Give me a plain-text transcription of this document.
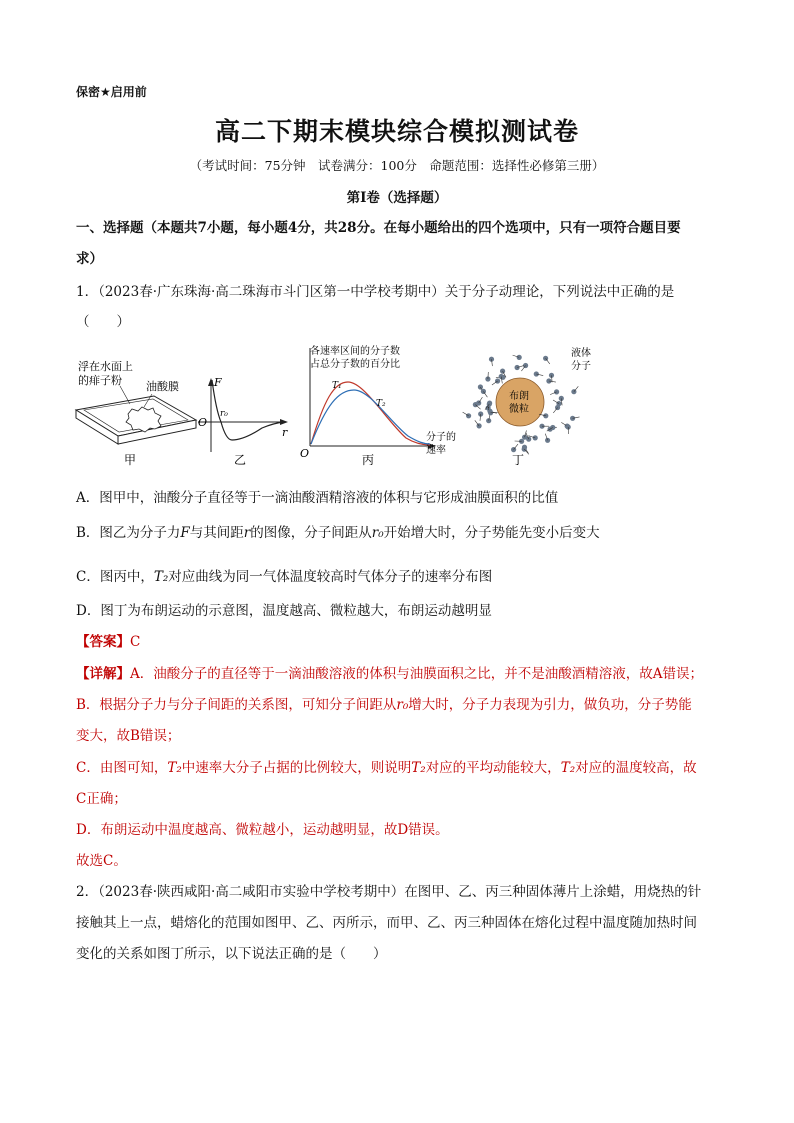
保密★启用前
高二下期末模块综合模拟测试卷
（考试时间：75分钟　试卷满分：100分　命题范围：选择性必修第三册）
第Ⅰ卷（选择题）
一、选择题（本题共7小题，每小题4分，共28分。在每小题给出的四个选项中，只有一项符合题目要
求）
1．（2023春·广东珠海·高二珠海市斗门区第一中学校考期中）关于分子动理论，下列说法中正确的是
（　　）
浮在水面上
的痱子粉 油酸膜
甲
F
O
r₀
r
乙
各速率区间的分子数
占总分子数的百分比
T₁
T₂
O
分子的
速率
丙
布朗
微粒
液体
分子
丁
A．图甲中，油酸分子直径等于一滴油酸酒精溶液的体积与它形成油膜面积的比值
B．图乙为分子力F与其间距r的图像，分子间距从r₀开始增大时，分子势能先变小后变大
C．图丙中，T₂对应曲线为同一气体温度较高时气体分子的速率分布图
D．图丁为布朗运动的示意图，温度越高、微粒越大，布朗运动越明显
【答案】C
【详解】A．油酸分子的直径等于一滴油酸溶液的体积与油膜面积之比，并不是油酸酒精溶液，故A错误；
B．根据分子力与分子间距的关系图，可知分子间距从r₀增大时，分子力表现为引力，做负功，分子势能
变大，故B错误；
C．由图可知，T₂中速率大分子占据的比例较大，则说明T₂对应的平均动能较大，T₂对应的温度较高，故
C正确；
D．布朗运动中温度越高、微粒越小，运动越明显，故D错误。
故选C。
2．（2023春·陕西咸阳·高二咸阳市实验中学校考期中）在图甲、乙、丙三种固体薄片上涂蜡，用烧热的针
接触其上一点，蜡熔化的范围如图甲、乙、丙所示，而甲、乙、丙三种固体在熔化过程中温度随加热时间
变化的关系如图丁所示，以下说法正确的是（　　）
